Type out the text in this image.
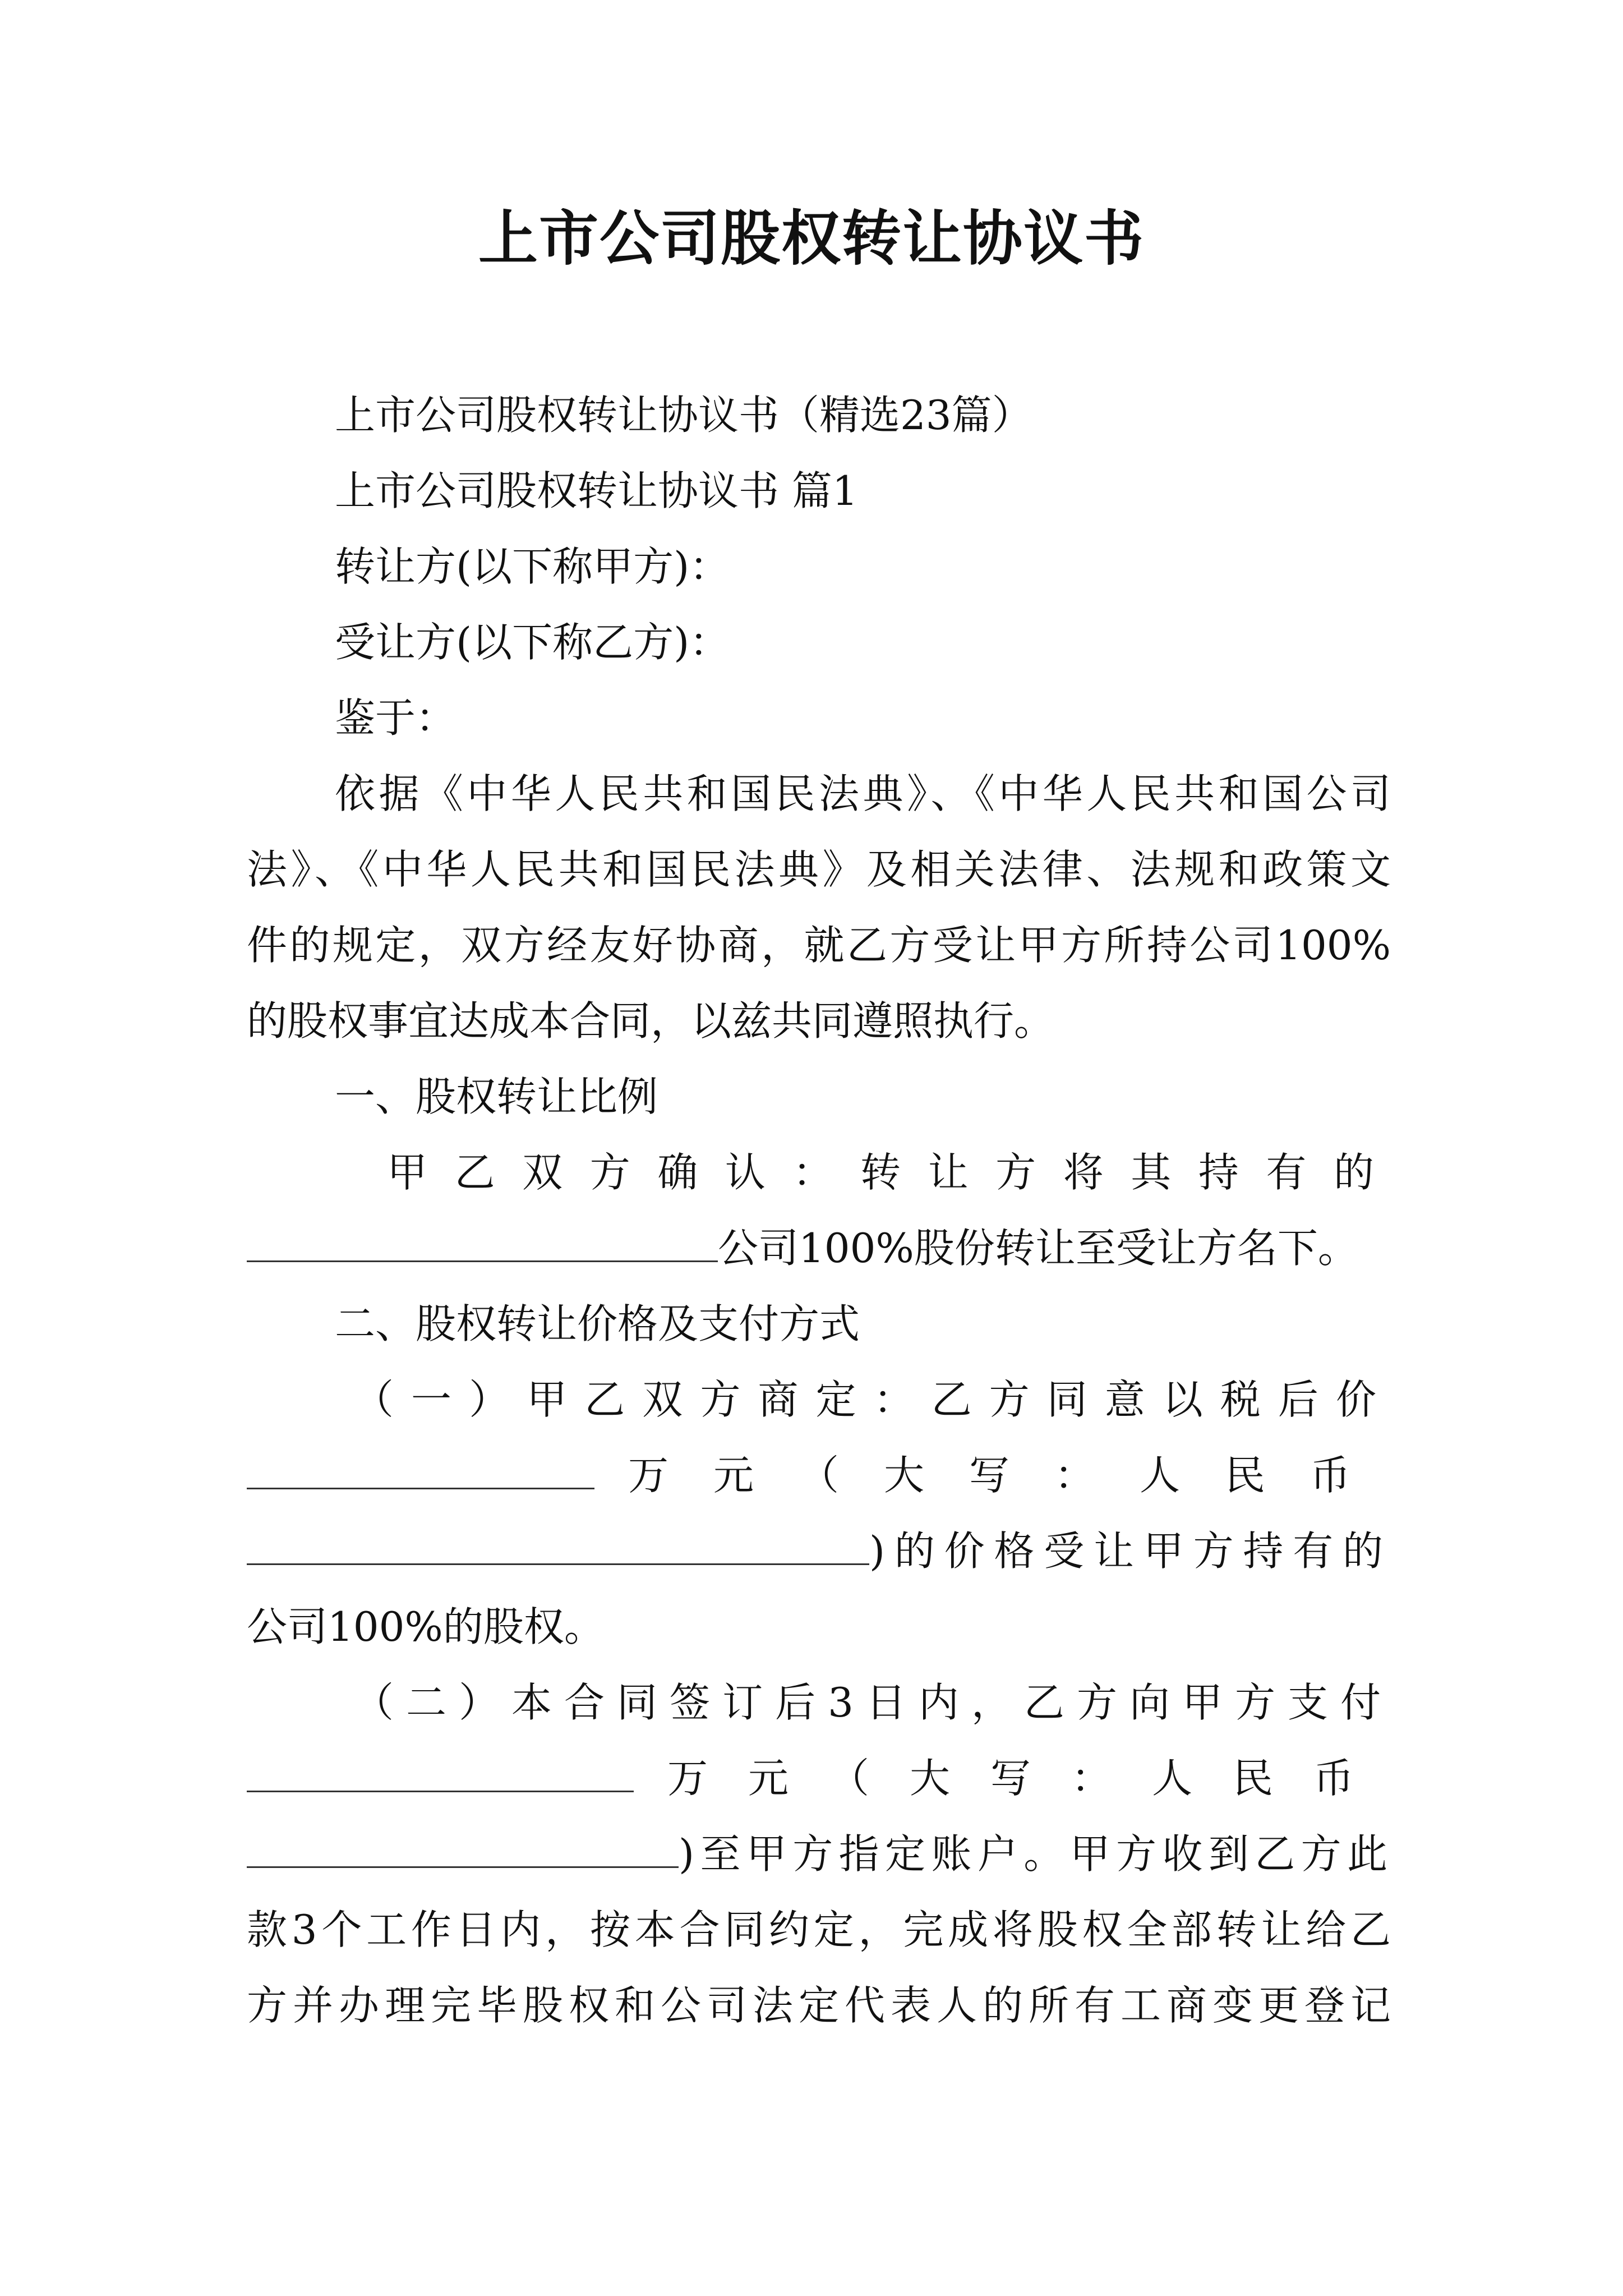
上市公司股权转让协议书
上市公司股权转让协议书（精选23篇）
上市公司股权转让协议书 篇1
转让方(以下称甲方)：
受让方(以下称乙方)：
鉴于：
依据《中华人民共和国民法典》、《中华人民共和国公司
法》、《中华人民共和国民法典》及相关法律、法规和政策文
件的规定，双方经友好协商，就乙方受让甲方所持公司100%
的股权事宜达成本合同，以兹共同遵照执行。
一、股权转让比例
甲乙双方确认：转让方将其持有的
公司100%股份转让至受让方名下。
二、股权转让价格及支付方式
（一）甲乙双方商定：乙方同意以税后价
万元（大写：人民币
)的价格受让甲方持有的
公司100%的股权。
（二）本合同签订后3日内，乙方向甲方支付
万元（大写：人民币
)至甲方指定账户。甲方收到乙方此
款3个工作日内，按本合同约定，完成将股权全部转让给乙
方并办理完毕股权和公司法定代表人的所有工商变更登记
